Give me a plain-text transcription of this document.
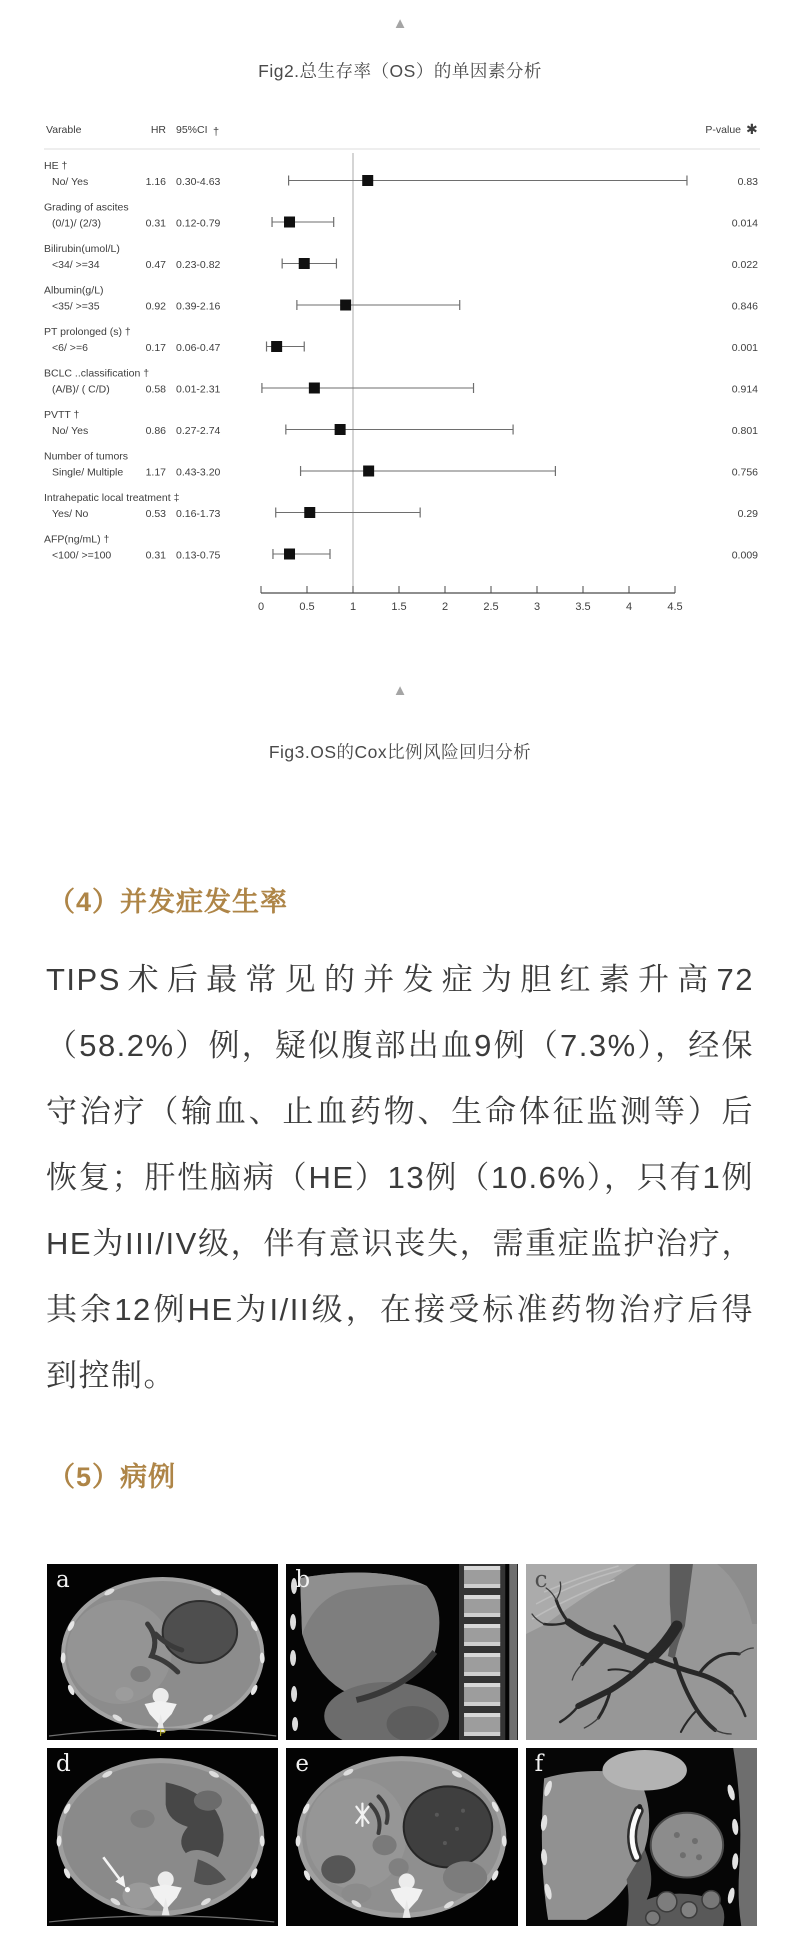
▲
Fig2.总生存率（OS）的单因素分析
Varable	HR 95%CI †	P-value ✱
HE †
No/ Yes	1.16 0.30-4.63	0.83
Grading of ascites
(0/1)/ (2/3)	0.31 0.12-0.79	0.014
Bilirubin(umol/L)
<34/ >=34	0.47 0.23-0.82	0.022
Albumin(g/L)
<35/ >=35	0.92 0.39-2.16	0.846
PT prolonged (s) †
<6/ >=6	0.17 0.06-0.47	0.001
BCLC ..classification †
(A/B)/ ( C/D)	0.58 0.01-2.31	0.914
PVTT †
No/ Yes	0.86 0.27-2.74	0.801
Number of tumors
Single/ Multiple 1.17 0.43-3.20	0.756
Intrahepatic local treatment ‡
Yes/ No	0.53 0.16-1.73	0.29
AFP(ng/mL) †
<100/ >=100	0.31 0.13-0.75	0.009
0	0.5	1	1.5	2	2.5	3	3.5	4	4.5
▲
Fig3.OS的Cox比例风险回归分析
（4）并发症发生率

TIPS术后最常见的并发症为胆红素升高72（58.2%）例，疑似腹部出血9例（7.3%），经保守治疗（输血、止血药物、生命体征监测等）后恢复；肝性脑病（HE）13例（10.6%），只有1例HE为III/IV级，伴有意识丧失，需重症监护治疗，其余12例HE为I/II级，在接受标准药物治疗后得到控制。

（5）病例
a
P
b	c
d	e	f
